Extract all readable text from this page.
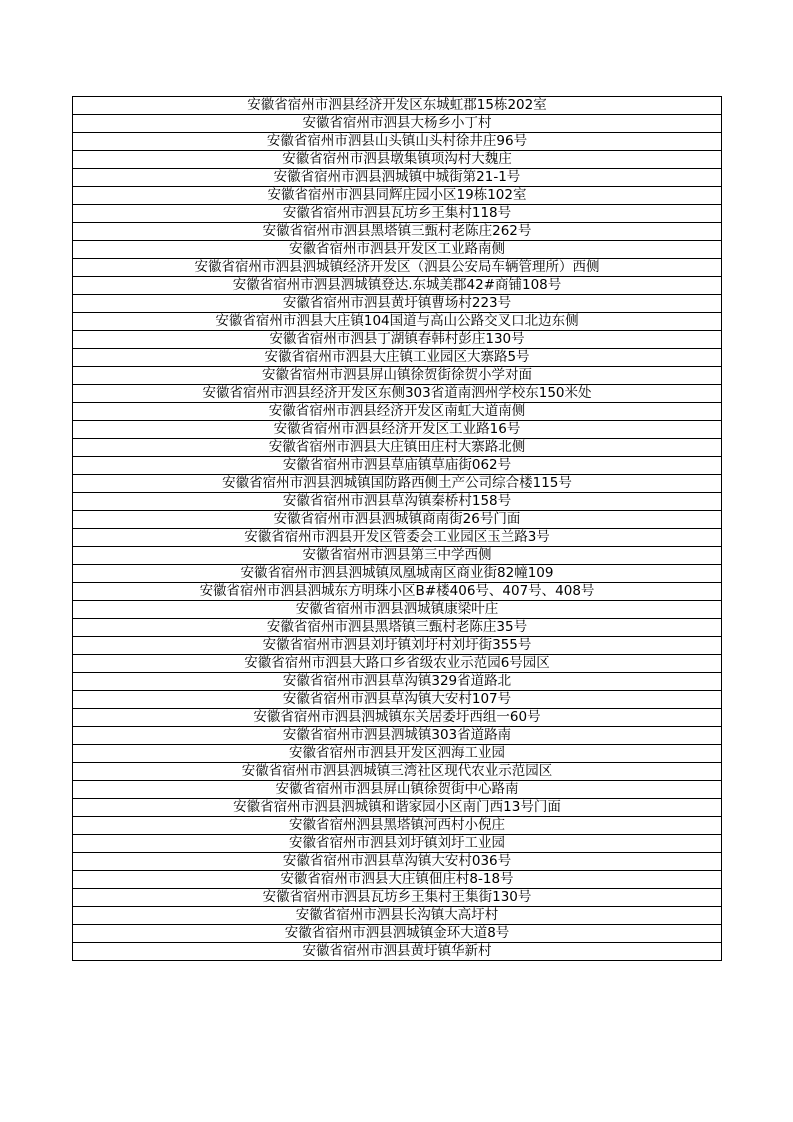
安徽省宿州市泗县经济开发区东城虹郡15栋202室
安徽省宿州市泗县大杨乡小丁村
安徽省宿州市泗县山头镇山头村徐井庄96号
安徽省宿州市泗县墩集镇项沟村大魏庄
安徽省宿州市泗县泗城镇中城街第21-1号
安徽省宿州市泗县同辉庄园小区19栋102室
安徽省宿州市泗县瓦坊乡王集村118号
安徽省宿州市泗县黑塔镇三甄村老陈庄262号
安徽省宿州市泗县开发区工业路南侧
安徽省宿州市泗县泗城镇经济开发区（泗县公安局车辆管理所）西侧
安徽省宿州市泗县泗城镇登达.东城美郡42#商铺108号
安徽省宿州市泗县黄圩镇曹场村223号
安徽省宿州市泗县大庄镇104国道与高山公路交叉口北边东侧
安徽省宿州市泗县丁湖镇春韩村彭庄130号
安徽省宿州市泗县大庄镇工业园区大寨路5号
安徽省宿州市泗县屏山镇徐贺街徐贺小学对面
安徽省宿州市泗县经济开发区东侧303省道南泗州学校东150米处
安徽省宿州市泗县经济开发区南虹大道南侧
安徽省宿州市泗县经济开发区工业路16号
安徽省宿州市泗县大庄镇田庄村大寨路北侧
安徽省宿州市泗县草庙镇草庙街062号
安徽省宿州市泗县泗城镇国防路西侧土产公司综合楼115号
安徽省宿州市泗县草沟镇秦桥村158号
安徽省宿州市泗县泗城镇商南街26号门面
安徽省宿州市泗县开发区管委会工业园区玉兰路3号
安徽省宿州市泗县第三中学西侧
安徽省宿州市泗县泗城镇凤凰城南区商业街82幢109
安徽省宿州市泗县泗城东方明珠小区B#楼406号、407号、408号
安徽省宿州市泗县泗城镇康梁叶庄
安徽省宿州市泗县黑塔镇三甄村老陈庄35号
安徽省宿州市泗县刘圩镇刘圩村刘圩街355号
安徽省宿州市泗县大路口乡省级农业示范园6号园区
安徽省宿州市泗县草沟镇329省道路北
安徽省宿州市泗县草沟镇大安村107号
安徽省宿州市泗县泗城镇东关居委圩西组一60号
安徽省宿州市泗县泗城镇303省道路南
安徽省宿州市泗县开发区泗海工业园
安徽省宿州市泗县泗城镇三湾社区现代农业示范园区
安徽省宿州市泗县屏山镇徐贺街中心路南
安徽省宿州市泗县泗城镇和谐家园小区南门西13号门面
安徽省宿州泗县黑塔镇河西村小倪庄
安徽省宿州市泗县刘圩镇刘圩工业园
安徽省宿州市泗县草沟镇大安村036号
安徽省宿州市泗县大庄镇佃庄村8-18号
安徽省宿州市泗县瓦坊乡王集村王集街130号
安徽省宿州市泗县长沟镇大高圩村
安徽省宿州市泗县泗城镇金环大道8号
安徽省宿州市泗县黄圩镇华新村
